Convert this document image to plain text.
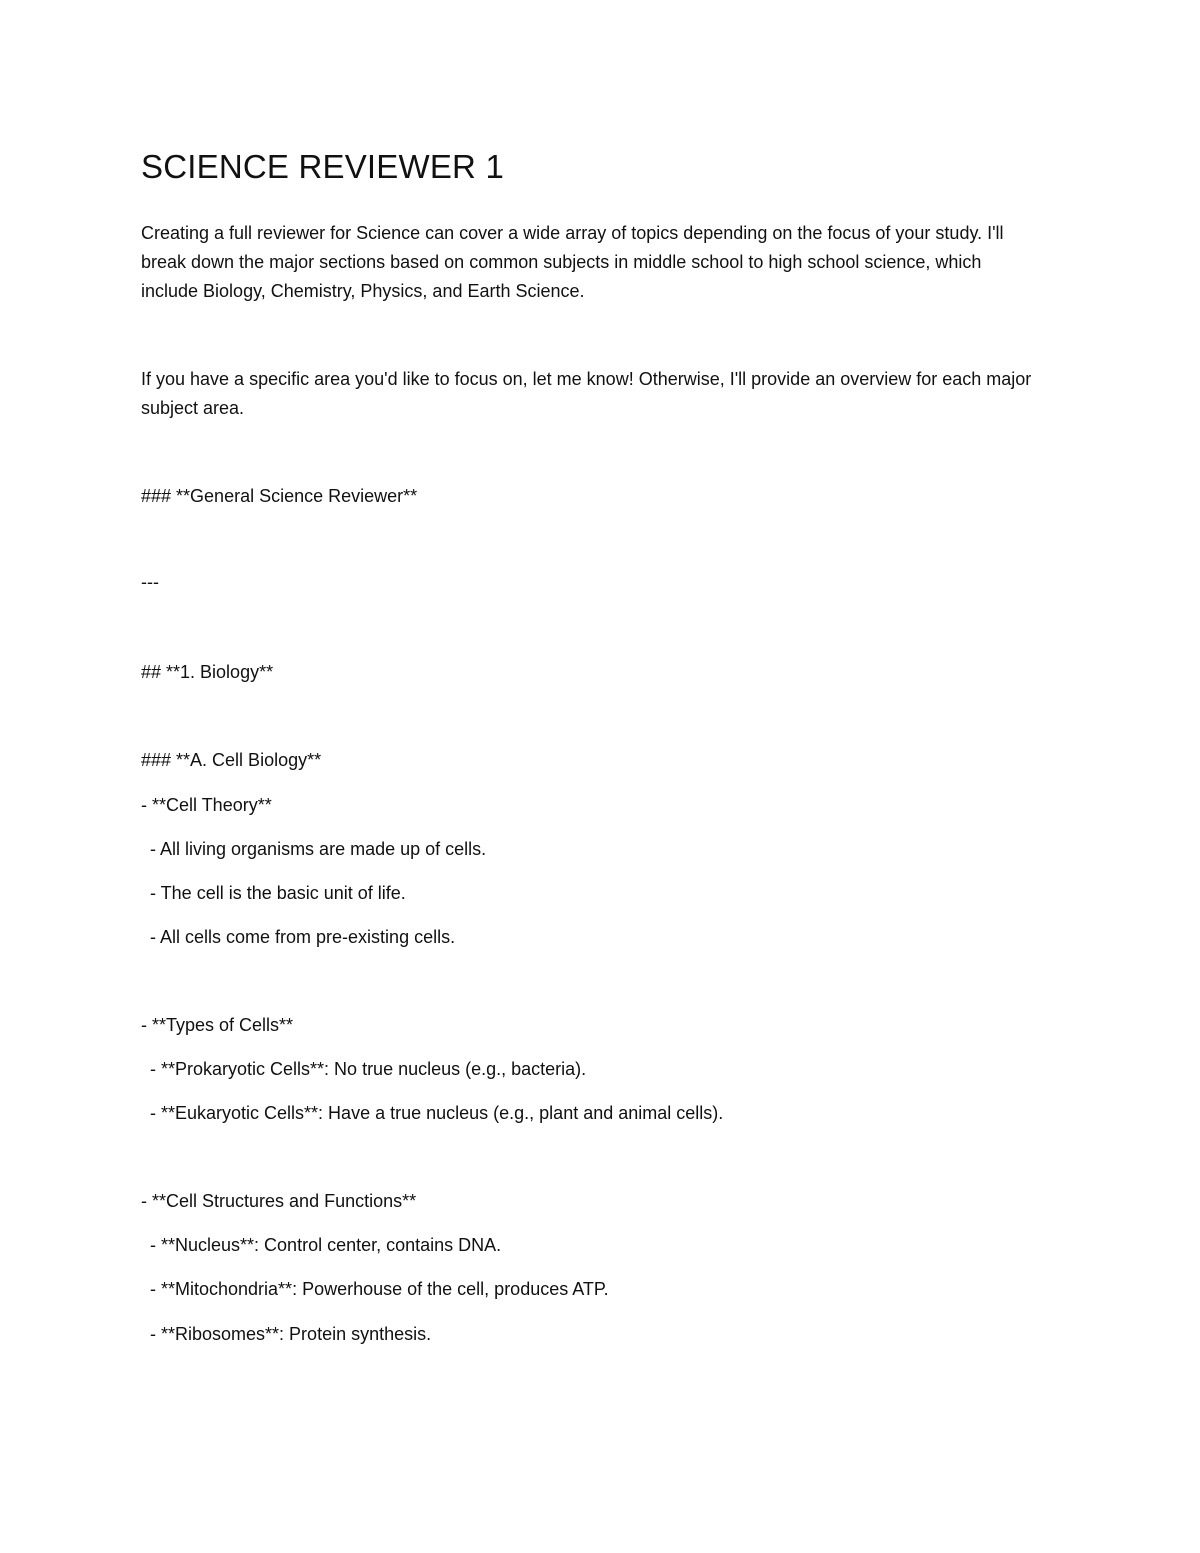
SCIENCE REVIEWER 1

Creating a full reviewer for Science can cover a wide array of topics depending on the focus of your study. I'll break down the major sections based on common subjects in middle school to high school science, which include Biology, Chemistry, Physics, and Earth Science.

If you have a specific area you'd like to focus on, let me know! Otherwise, I'll provide an overview for each major subject area.

### **General Science Reviewer**

---

## **1. Biology**

### **A. Cell Biology**

- **Cell Theory**

- All living organisms are made up of cells.

- The cell is the basic unit of life.

- All cells come from pre-existing cells.

- **Types of Cells**

- **Prokaryotic Cells**: No true nucleus (e.g., bacteria).

- **Eukaryotic Cells**: Have a true nucleus (e.g., plant and animal cells).

- **Cell Structures and Functions**

- **Nucleus**: Control center, contains DNA.

- **Mitochondria**: Powerhouse of the cell, produces ATP.

- **Ribosomes**: Protein synthesis.
